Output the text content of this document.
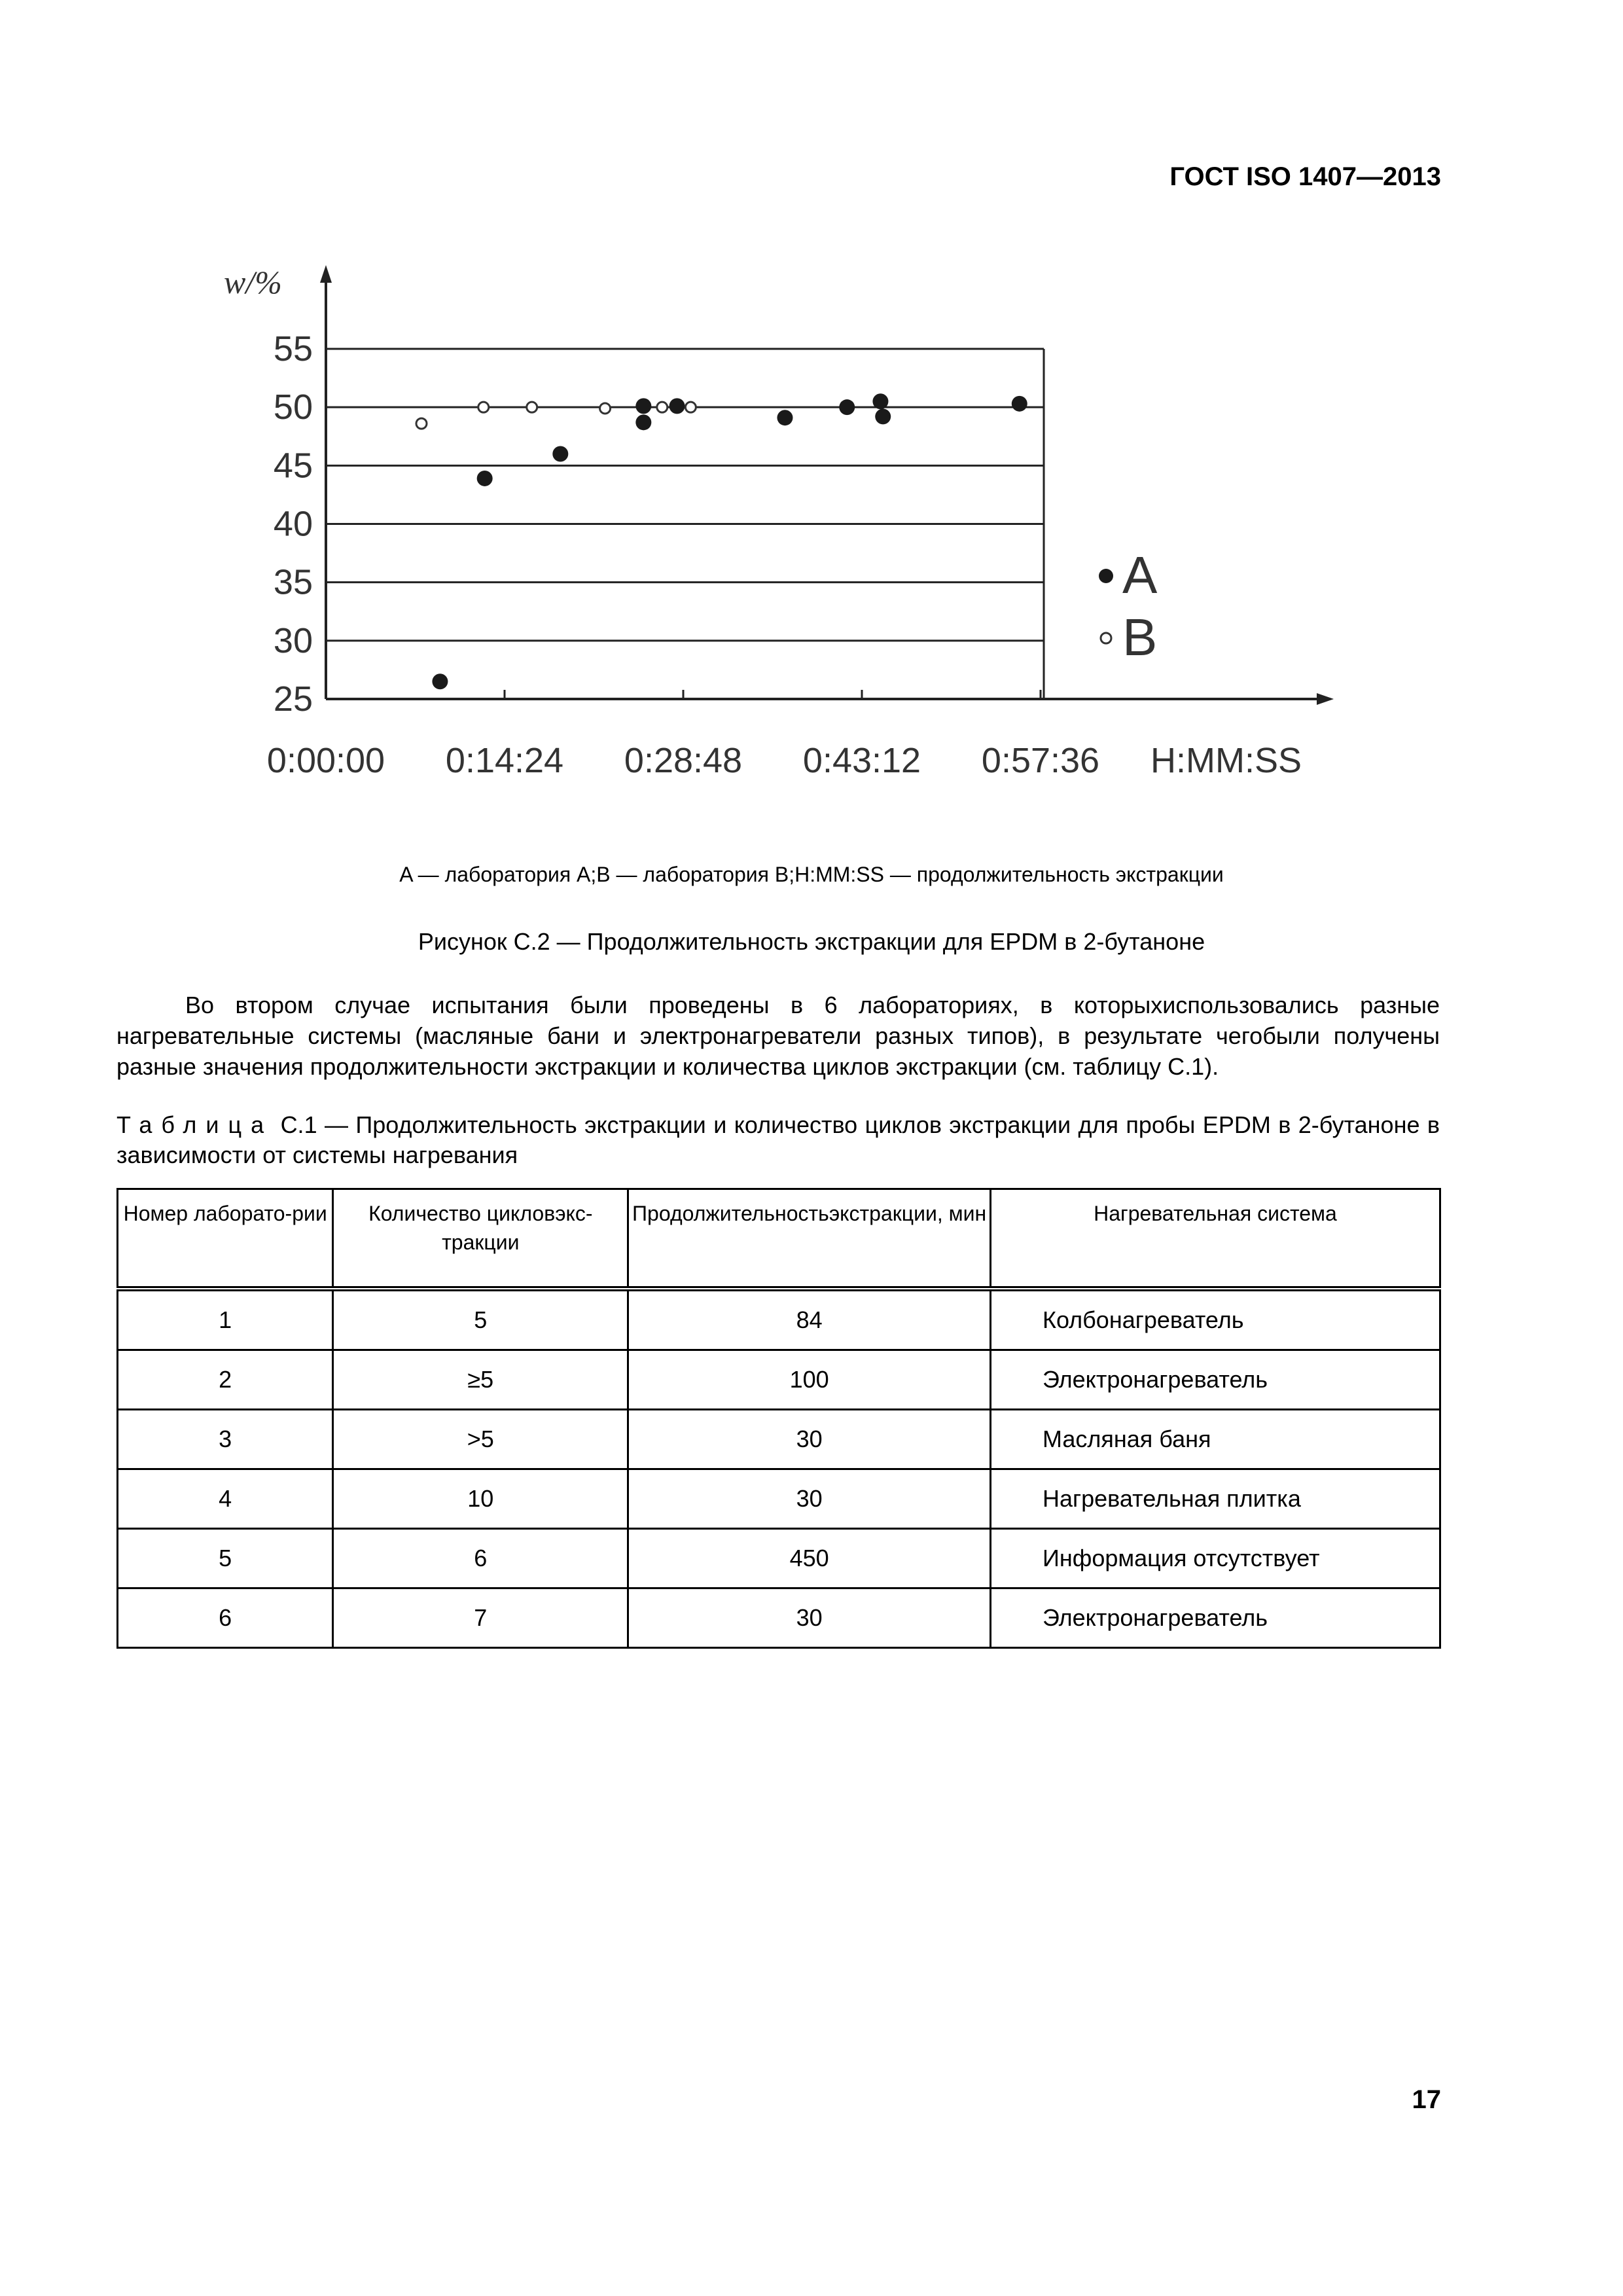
ГОСТ ISO 1407—2013
55
50
45
40
35
30
25
0:00:00 0:14:24 0:28:48 0:43:12 0:57:36
A
B
w/%
H:MM:SS
A — лаборатория А;B — лаборатория В;H:MM:SS — продолжительность экстракции
Рисунок С.2 — Продолжительность экстракции для EPDM в 2-бутаноне
Во втором случае испытания были проведены в 6 лабораториях, в которыхиспользовались разные нагревательные системы (масляные бани и электронагреватели разных типов), в результате чегобыли получены разные значения продолжительности экстракции и количества циклов экстракции (см. таблицу С.1).
Таблица С.1 — Продолжительность экстракции и количество циклов экстракции для пробы EPDM в 2-бутаноне в зависимости от системы нагревания
Номер лаборато-рии	Количество цикловэкс-тракции	Продолжительностьэкстракции, мин	Нагревательная система
1	5	84	Колбонагреватель
2	≥5	100	Электронагреватель
3	>5	30	Масляная баня
4	10	30	Нагревательная плитка
5	6	450	Информация отсутствует
6	7	30	Электронагреватель
17
